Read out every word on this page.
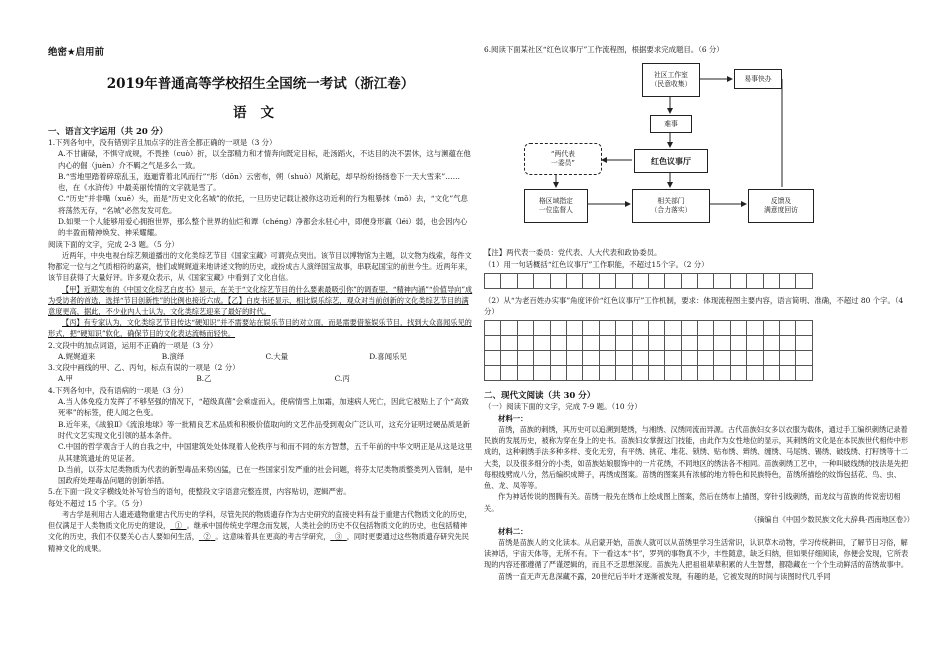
绝密★启用前
2019年普通高等学校招生全国统一考试（浙江卷）
语文
一、语言文字运用（共 20 分）

1.下列各句中，没有错别字且加点字的注音全都正确的一项是（3 分）

A.不甘庸碌，不惧守成规，不畏挫（cuò）折，以全部精力和才情奔向既定目标，赴汤蹈火，不达目的决不罢休，这与濒蕴在他内心的倔（juèn）介不羁之气是多么一致。

B.“雪地里踏着碎琼乱玉，迤逦背着北风而行”“彤（dōn）云密布，朔（shuò）风渐起，却早纷纷扬扬卷下一天大雪来”……也，在《水浒传》中最美丽传情的文字就是雪了。

C.“历史”并非嘴（xuē）头，而是“历史文化名城”的依托，一旦历史记载让被你这功近利的行为粗暴抹（mǒ）去，“文化”气息将荡然无存，“名城”必然发发可危。

D.如果一个人能够用爱心拥抱世界，那么整个世界的仙烂和谭（chéng）净都会永驻心中，即便身形羸（léi）弱，也会因内心的丰盈而精神焕发、神采耀耀。

阅读下面的文字，完成 2-3 题。（5 分）

近两年，中央电视台综艺频道播出的文化类综艺节目《国家宝藏》可谓亮点突出。该节目以博物馆为主题，以文物为线索，每件文物都定一位与之气质相符的嘉宾，他们或娓娓道来地讲述文物的历史，或扮成古人演绎国宝故事，串联起国宝的前世今生。近两年来，该节目获得了大量好评。许多观众表示，从《国家宝藏》中看到了文化自信。

【甲】近期发布的《中国文化综艺白皮书》显示，在关于“文化综艺节目的什么要素最吸引你”的调查里，“精神内涵”“价值导向”成为受访者的首选，选择“节目创新性”的比例也接近六成。【乙】白皮书还显示，相比娱乐综艺，观众对当前创新的文化类综艺节目的满意度更高，据此，不少业内人士认为，文化类综艺迎来了最好的时代。

【丙】有专家认为，文化类综艺节目传达“硬知识”并不需要站在娱乐节目的对立面，而是需要借鉴娱乐节目，找到大众喜闻乐见的形式，把“硬知识”软化，确保节目的文化表达流畅而轻快。

2.文段中的加点词语，运用不正确的一项是（3 分）

A.娓娓道来	B.演绎	C.大量	D.喜闻乐见

3.文段中画线的甲、乙、丙句，标点有误的一项是（2 分）

A.甲	B.乙	C.丙

4.下列各句中，没有语病的一项是（3 分）

A.当人体免疫力发挥了不够坚强的情况下，“超级真菌”会乘虚而入，使病情雪上加霜，加速病人死亡，因此它被贴上了个“高致死率”的标签，使人闻之色变。

B.近年来，《战狼Ⅱ》《流浪地球》等一批精良艺术品质和积极价值取向的文艺作品受到观众广泛认可，这充分证明过硬品质是新时代文艺实现文化引领的基本条件。

C.中国的哲学观含于人的自我之中，中国建筑处处体现着人伦秩序与和而不同的东方智慧，五千年前的中华文明正是从这是这里从其建筑遗址的见证者。

D.当前，以芬太尼类物质为代表的新型毒品来势凶猛，已在一些国家引发严重的社会问题，将芬太尼类物质整类列入管制，是中国政府处理毒品问题的创新举措。

5.在下面一段文字横线处补写恰当的语句，使整段文字语意完整连贯，内容贴切，逻辑严密。

每处不超过 15 个字。（5 分）

考古学是利用古人遗迹遗物重建古代历史的学科，尽管先民的物质遗存作为古史研究的直接史料有益于重建古代物质文化的历史，但仅满足于人类物质文化历史的建设， ① 。继承中国传统史学理念而发展，人类社会的历史不仅包括物质文化的历史，也包括精神文化的历史，我们不仅要关心古人要如何生活， ② 。这意味着具在更高的考古学研究， ③ ，同时更要通过这些物质遗存研究先民精神文化的成果。

6.阅读下面某社区“红色议事厅”工作流程图，根据要求完成题目。（6 分）

社区工作室
（民意收集）
易事快办
难事
“两代表
一委员”	红色议事厅
格区域指定
一位监督人
相关部门
（合力落实）
反馈及
满意度回访

【注】两代表一委员：党代表、人大代表和政协委员。

（1）用一句话概括“红色议事厅”工作职能，不超过15个字。（2 分）

（2）从“为老百姓办实事”角度评价“红色议事厅”工作机制，要求：体现流程图主要内容，语言简明、准确，不超过 80 个字。（4 分）

二、现代文阅读（共 30 分）

（一）阅读下面的文字，完成 7-9 题。（10 分）

材料一：

苗绣，苗族的刺绣，其历史可以追溯到楚绣，与湘绣、汉绣同流而异源。古代苗族妇女多以衣服为载体，通过手工编织刺绣记录着民族的发展历史，被称为穿在身上的史书。苗族妇女掌握这门技能，由此作为女性地位的显示，其刺绣的文化是在本民族世代相传中形成的，这种刺绣手法多种多样、变化无穷，有平绣、挑花、堆花、锁绣、贴布绣、辫绣、缠绣、马尾绣、锡绣、破线绣、打籽绣等十二大类，以及很多细分的小类，如苗族姑娘服饰中的一片花绣，不同地区的绣法各不相同。苗族刺绣工艺中，一种叫破线绣的技法是先把每根线劈成八分，然后编织成辫子，再绣成图案。苗绣的图案具有浓郁的地方特色和民族特色，苗绣所描绘的纹饰包括花、鸟、虫、鱼、龙、凤等等。

作为神话传说的图腾有关。苗绣一般先在绣布上绘成图上图案，然后在绣布上描图，穿针引线刺绣，而龙纹与苗族的传说密切相关。

（摘编自《中国少数民族文化大辞典·西南地区卷》）

材料二：

苗绣是苗族人的文化读本。从启蒙开始，苗族人就可以从苗绣里学习生活常识，认识草木动物，学习传统耕田，了解节日习俗，解读神话，宇宙天体等，无所不有。下一看这本“书”，罗列的事物真不少，丰性随意，缺乏归纳，但如果仔细阅读，你便会发现，它所表现的内容还都遵循了严谨逻辑的，而且不乏思想深度。苗族先人把祖祖辈辈积累的人生智慧，都隐藏在一个个生动鲜活的苗绣故事中。

苗绣一直无声无息深藏不露，20世纪后半叶才逐渐被发现，有趣的是，它被发现的时间与读图时代几乎同
